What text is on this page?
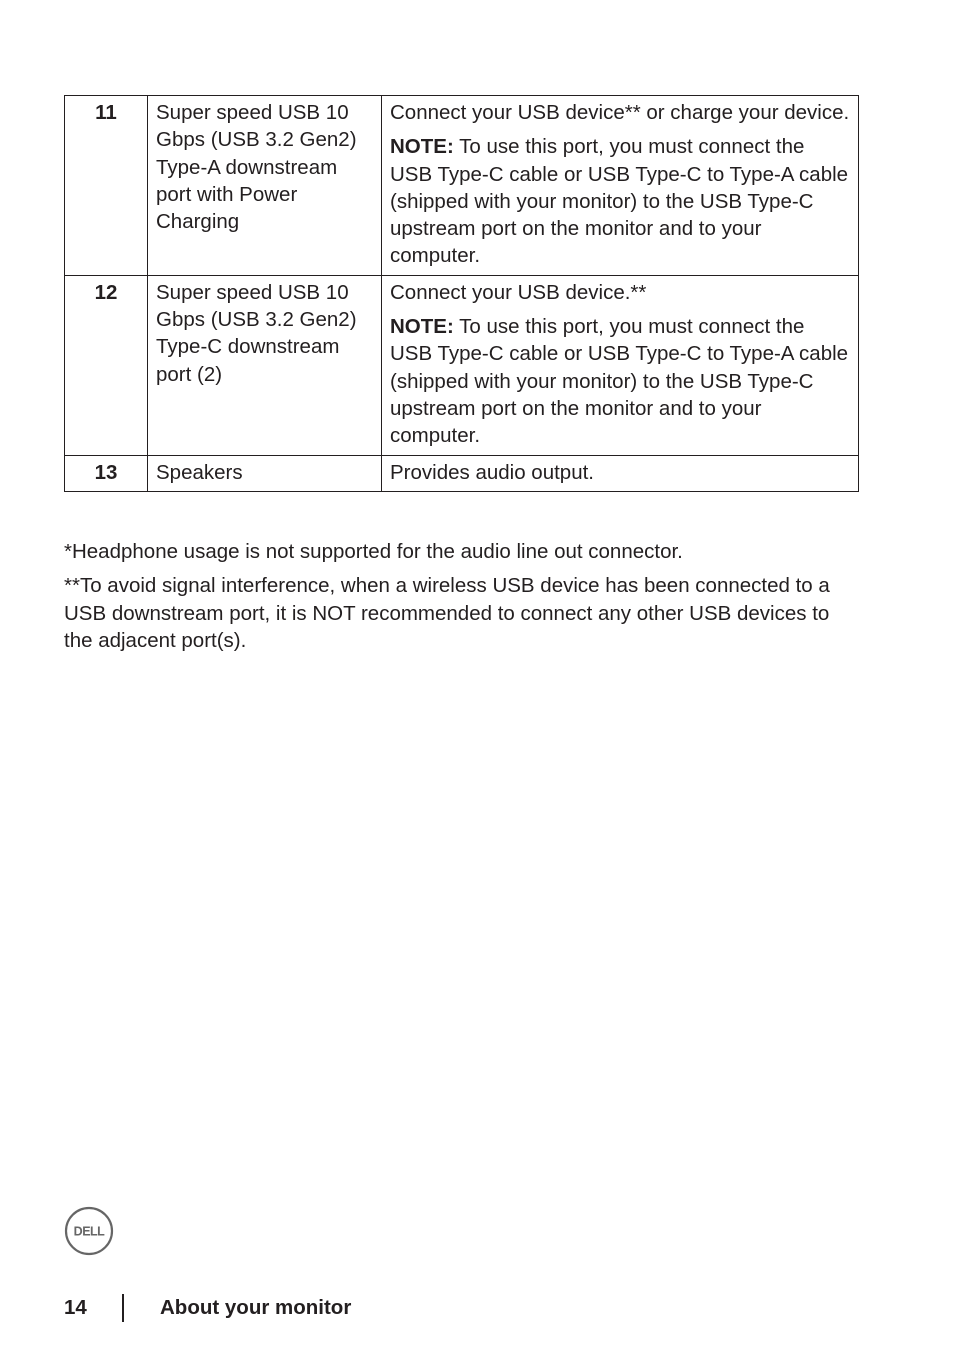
11	Super speed USB 10 Gbps (USB 3.2 Gen2) Type-A downstream port with Power Charging	Connect your USB device** or charge your device.

NOTE: To use this port, you must connect the USB Type-C cable or USB Type-C to Type-A cable (shipped with your monitor) to the USB Type-C upstream port on the monitor and to your computer.

12	Super speed USB 10 Gbps (USB 3.2 Gen2) Type-C downstream port (2)	Connect your USB device.**

NOTE: To use this port, you must connect the USB Type-C cable or USB Type-C to Type-A cable (shipped with your monitor) to the USB Type-C upstream port on the monitor and to your computer.

13	Speakers	Provides audio output.

*Headphone usage is not supported for the audio line out connector.

**To avoid signal interference, when a wireless USB device has been connected to a USB downstream port, it is NOT recommended to connect any other USB devices to the adjacent port(s).

DELL
14	About your monitor
